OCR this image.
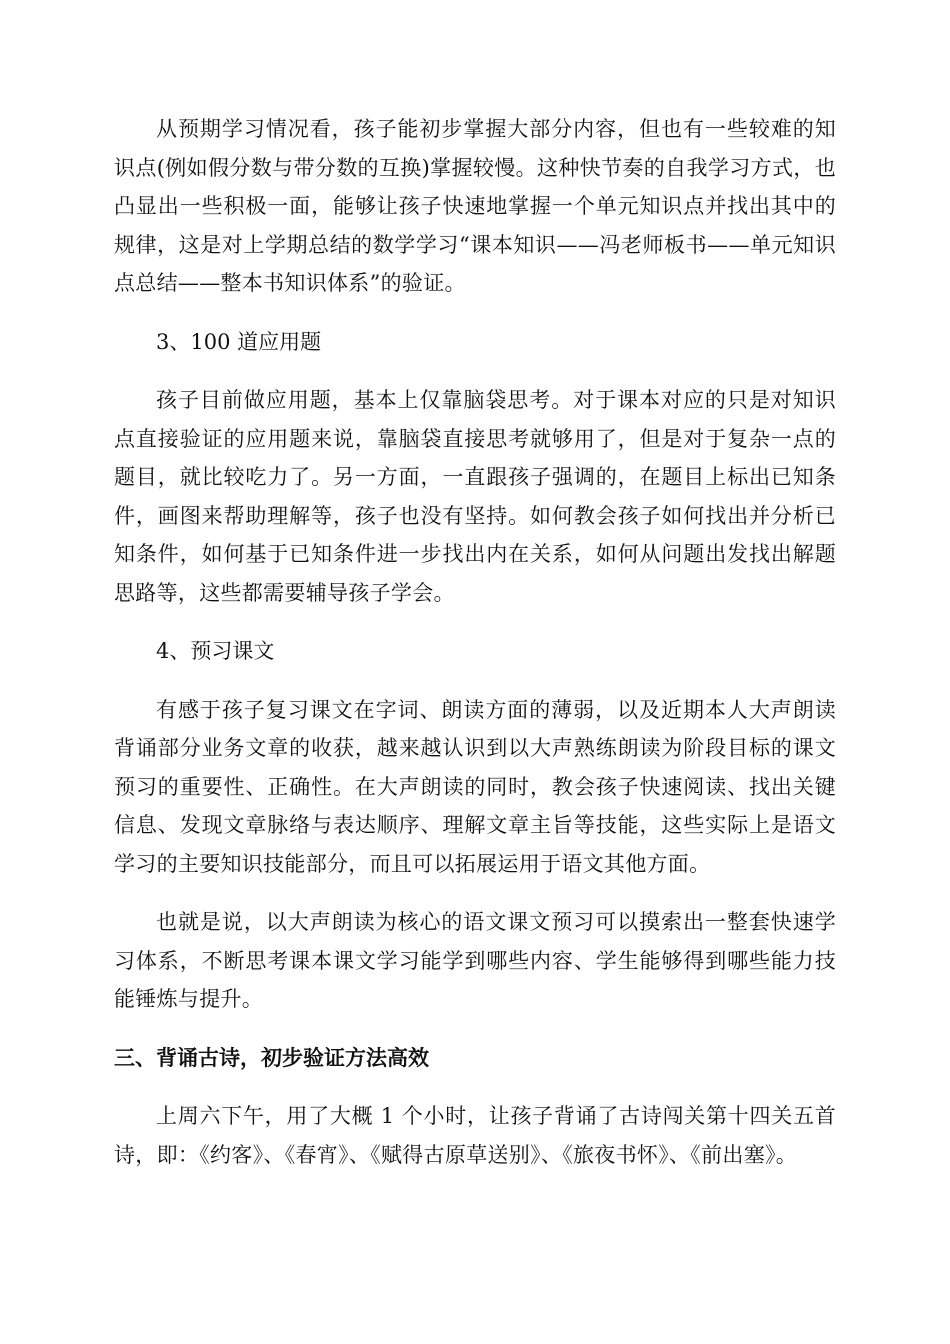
从预期学习情况看，孩子能初步掌握大部分内容，但也有一些较难的知识点(例如假分数与带分数的互换)掌握较慢。这种快节奏的自我学习方式，也凸显出一些积极一面，能够让孩子快速地掌握一个单元知识点并找出其中的规律，这是对上学期总结的数学学习“课本知识——冯老师板书——单元知识点总结——整本书知识体系”的验证。

3、100 道应用题

孩子目前做应用题，基本上仅靠脑袋思考。对于课本对应的只是对知识点直接验证的应用题来说，靠脑袋直接思考就够用了，但是对于复杂一点的题目，就比较吃力了。另一方面，一直跟孩子强调的，在题目上标出已知条件，画图来帮助理解等，孩子也没有坚持。如何教会孩子如何找出并分析已知条件，如何基于已知条件进一步找出内在关系，如何从问题出发找出解题思路等，这些都需要辅导孩子学会。

4、预习课文

有感于孩子复习课文在字词、朗读方面的薄弱，以及近期本人大声朗读背诵部分业务文章的收获，越来越认识到以大声熟练朗读为阶段目标的课文预习的重要性、正确性。在大声朗读的同时，教会孩子快速阅读、找出关键信息、发现文章脉络与表达顺序、理解文章主旨等技能，这些实际上是语文学习的主要知识技能部分，而且可以拓展运用于语文其他方面。

也就是说，以大声朗读为核心的语文课文预习可以摸索出一整套快速学习体系，不断思考课本课文学习能学到哪些内容、学生能够得到哪些能力技能锤炼与提升。

三、背诵古诗，初步验证方法高效

上周六下午，用了大概 1 个小时，让孩子背诵了古诗闯关第十四关五首诗，即：《约客》、《春宵》、《赋得古原草送别》、《旅夜书怀》、《前出塞》。
